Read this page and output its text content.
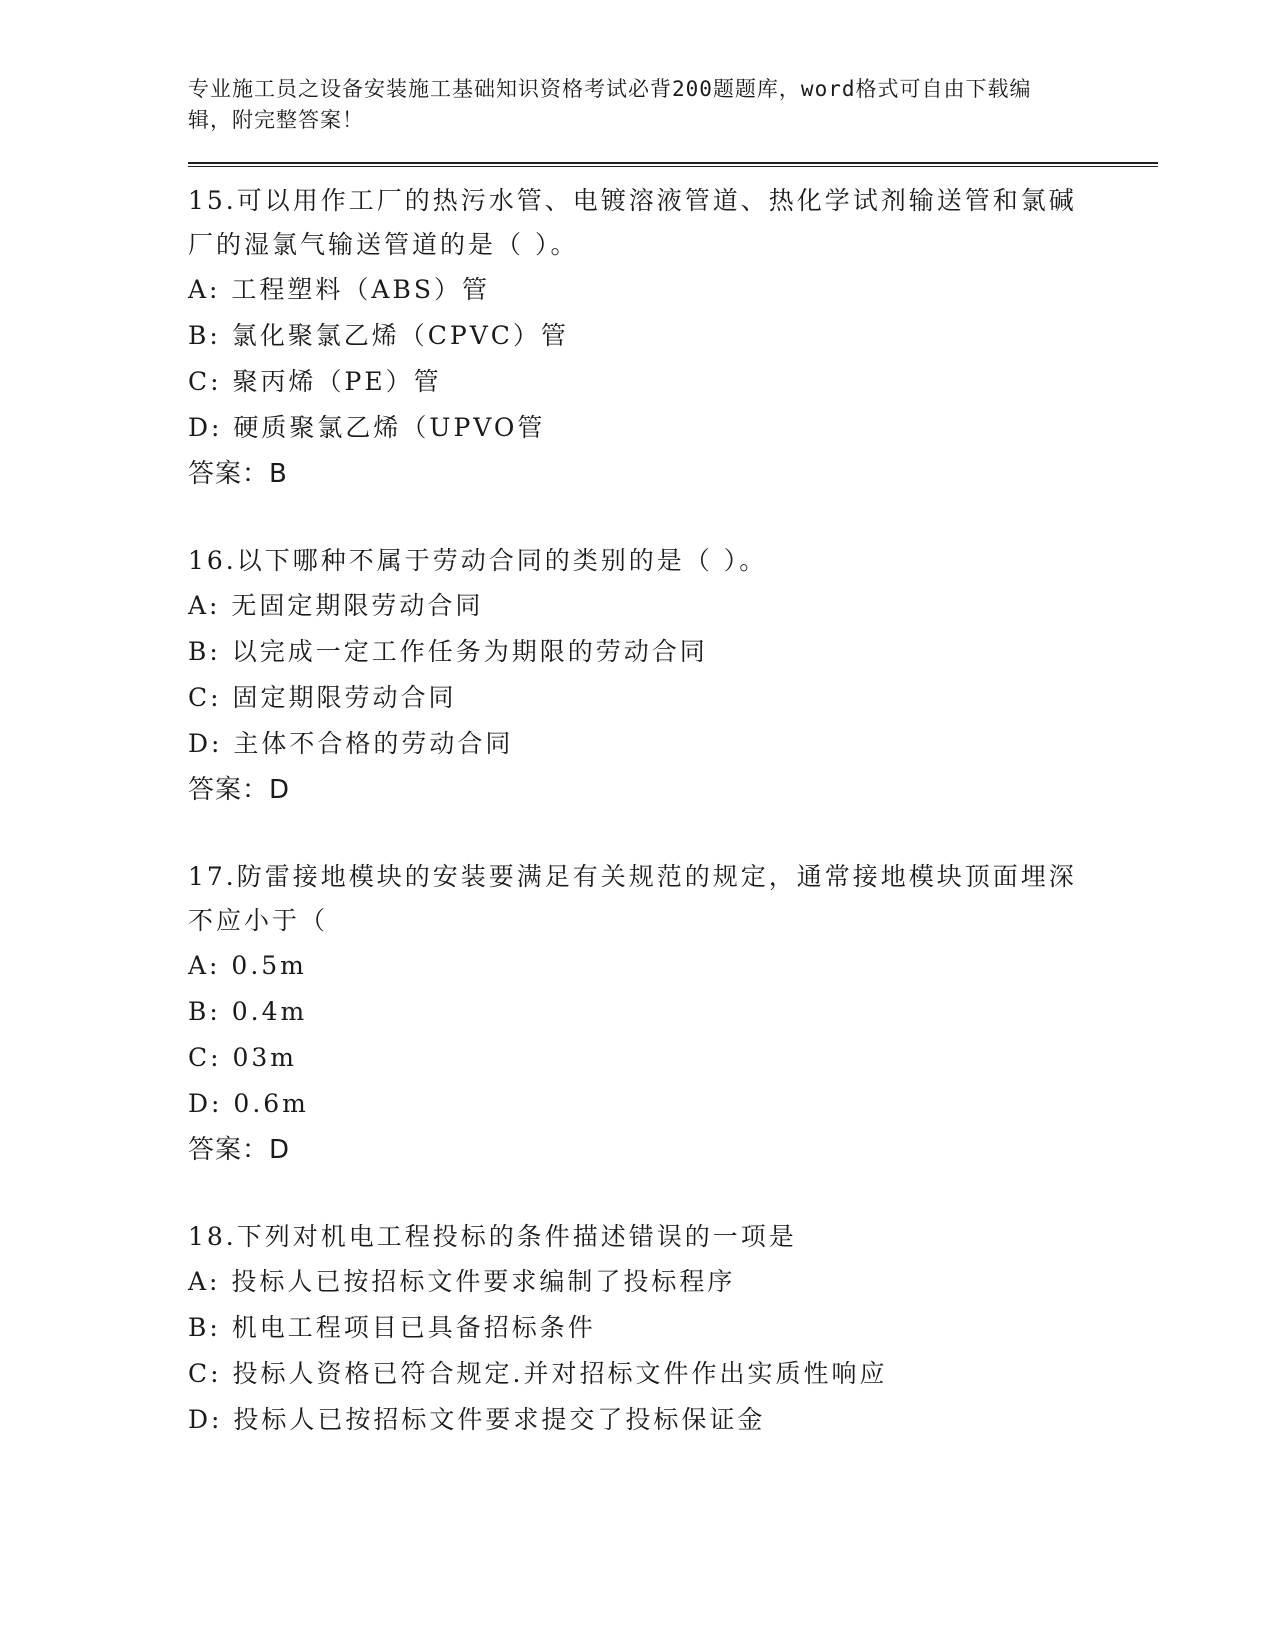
专业施工员之设备安装施工基础知识资格考试必背200题题库，word格式可自由下载编辑，附完整答案！

15.可以用作工厂的热污水管、电镀溶液管道、热化学试剂输送管和氯碱厂的湿氯气输送管道的是（ ）。

A: 工程塑料（ABS）管

B: 氯化聚氯乙烯（CPVC）管

C: 聚丙烯（PE）管

D: 硬质聚氯乙烯（UPVO管

答案：B

16.以下哪种不属于劳动合同的类别的是（ ）。

A: 无固定期限劳动合同

B: 以完成一定工作任务为期限的劳动合同

C: 固定期限劳动合同

D: 主体不合格的劳动合同

答案：D

17.防雷接地模块的安装要满足有关规范的规定，通常接地模块顶面埋深不应小于（

A: 0.5m

B: 0.4m

C: 03m

D: 0.6m

答案：D

18.下列对机电工程投标的条件描述错误的一项是

A: 投标人已按招标文件要求编制了投标程序

B: 机电工程项目已具备招标条件

C: 投标人资格已符合规定.并对招标文件作出实质性响应

D: 投标人已按招标文件要求提交了投标保证金
